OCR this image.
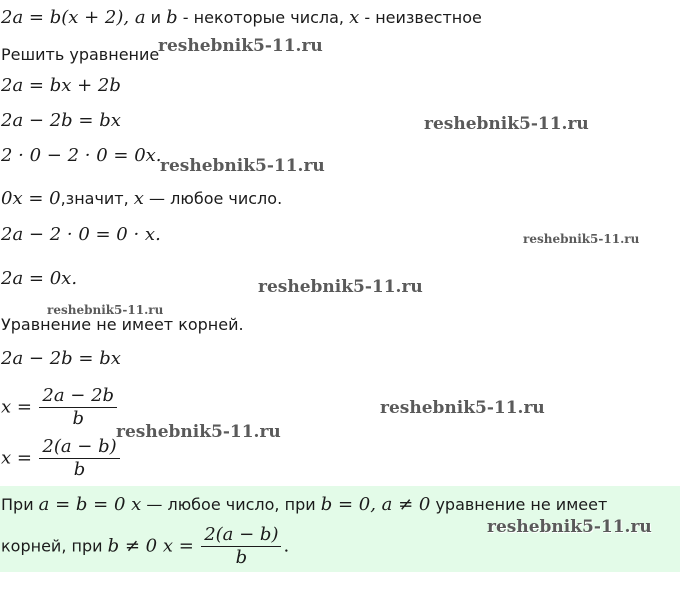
2a = b(x + 2), a и b - некоторые числа, x - неизвестное
Решить уравнение
2a = bx + 2b
2a − 2b = bx
2 · 0 − 2 · 0 = 0x.
0x = 0,значит, x — любое число.
2a − 2 · 0 = 0 · x.
2a = 0x.
Уравнение не имеет корней.
2a − 2b = bx
$x = \frac{2a - 2b}{b}$
$x = \frac{2(a - b)}{b}$
При a = b = 0 x — любое число, при b = 0, a ≠ 0 уравнение не имеет
корней, при b ≠ 0 $x = \frac{2(a - b)}{b}$ .
reshebnik5-11.ru
reshebnik5-11.ru
reshebnik5-11.ru
reshebnik5-11.ru
reshebnik5-11.ru
reshebnik5-11.ru
reshebnik5-11.ru
reshebnik5-11.ru
reshebnik5-11.ru
